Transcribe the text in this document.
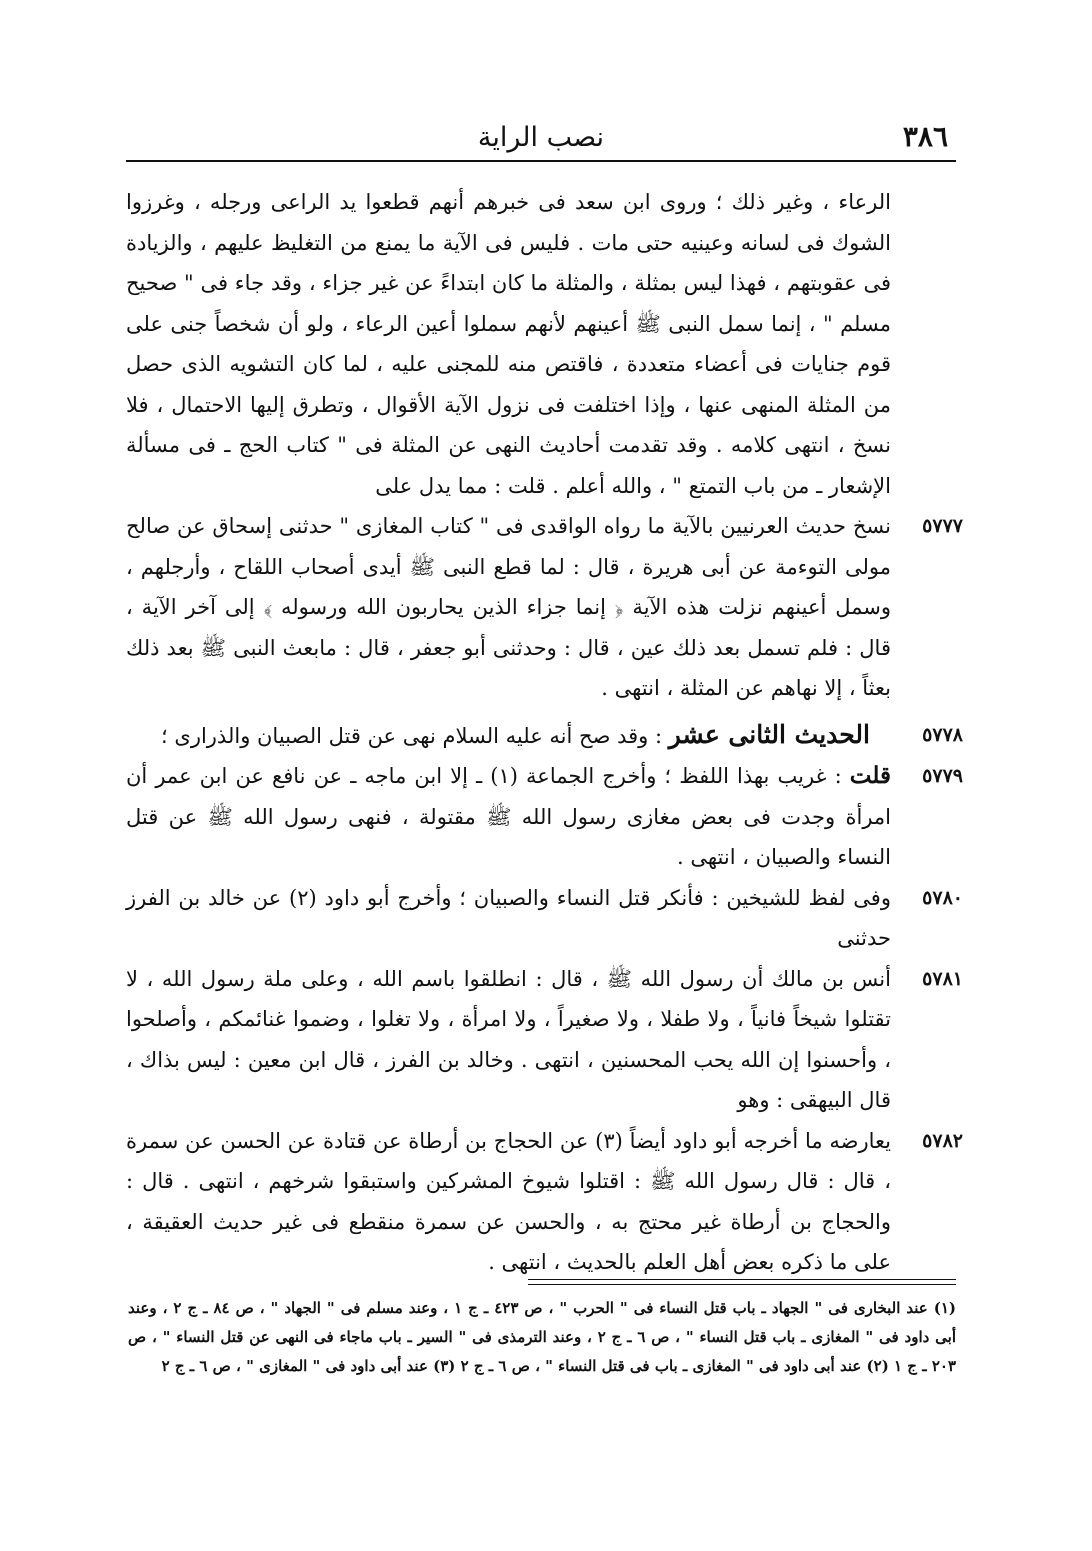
٣٨٦
نصب الراية

الرعاء ، وغير ذلك ؛ وروى ابن سعد فى خبرهم أنهم قطعوا يد الراعى ورجله ، وغرزوا الشوك فى لسانه وعينيه حتى مات . فليس فى الآية ما يمنع من التغليظ عليهم ، والزيادة فى عقوبتهم ، فهذا ليس بمثلة ، والمثلة ما كان ابتداءً عن غير جزاء ، وقد جاء فى " صحيح مسلم " ، إنما سمل النبى ﷺ أعينهم لأنهم سملوا أعين الرعاء ، ولو أن شخصاً جنى على قوم جنايات فى أعضاء متعددة ، فاقتص منه للمجنى عليه ، لما كان التشويه الذى حصل من المثلة المنهى عنها ، وإذا اختلفت فى نزول الآية الأقوال ، وتطرق إليها الاحتمال ، فلا نسخ ، انتهى كلامه . وقد تقدمت أحاديث النهى عن المثلة فى " كتاب الحج ـ فى مسألة الإشعار ـ من باب التمتع " ، والله أعلم . قلت : مما يدل على

٥٧٧٧

نسخ حديث العرنيين بالآية ما رواه الواقدى فى " كتاب المغازى " حدثنى إسحاق عن صالح مولى التوءمة عن أبى هريرة ، قال : لما قطع النبى ﷺ أيدى أصحاب اللقاح ، وأرجلهم ، وسمل أعينهم نزلت هذه الآية ﴿ إنما جزاء الذين يحاربون الله ورسوله ﴾ إلى آخر الآية ، قال : فلم تسمل بعد ذلك عين ، قال : وحدثنى أبو جعفر ، قال : مابعث النبى ﷺ بعد ذلك بعثاً ، إلا نهاهم عن المثلة ، انتهى .

٥٧٧٨

 الحديث الثانى عشر : وقد صح أنه عليه السلام نهى عن قتل الصبيان والذرارى ؛

٥٧٧٩

قلت : غريب بهذا اللفظ ؛ وأخرج الجماعة (١) ـ إلا ابن ماجه ـ عن نافع عن ابن عمر أن امرأة وجدت فى بعض مغازى رسول الله ﷺ مقتولة ، فنهى رسول الله ﷺ عن قتل النساء والصبيان ، انتهى .

٥٧٨٠

وفى لفظ للشيخين : فأنكر قتل النساء والصبيان ؛ وأخرج أبو داود (٢) عن خالد بن الفرز حدثنى

٥٧٨١

أنس بن مالك أن رسول الله ﷺ ، قال : انطلقوا باسم الله ، وعلى ملة رسول الله ، لا تقتلوا شيخاً فانياً ، ولا طفلا ، ولا صغيراً ، ولا امرأة ، ولا تغلوا ، وضموا غنائمكم ، وأصلحوا ، وأحسنوا إن الله يحب المحسنين ، انتهى . وخالد بن الفرز ، قال ابن معين : ليس بذاك ، قال البيهقى : وهو

٥٧٨٢

يعارضه ما أخرجه أبو داود أيضاً (٣) عن الحجاج بن أرطاة عن قتادة عن الحسن عن سمرة ، قال : قال رسول الله ﷺ : اقتلوا شيوخ المشركين واستبقوا شرخهم ، انتهى . قال : والحجاج بن أرطاة غير محتج به ، والحسن عن سمرة منقطع فى غير حديث العقيقة ، على ما ذكره بعض أهل العلم بالحديث ، انتهى .

(١) عند البخارى فى " الجهاد ـ باب قتل النساء فى " الحرب " ، ص ٤٢٣ ـ ج ١ ، وعند مسلم فى " الجهاد " ، ص ٨٤ ـ ج ٢ ، وعند أبى داود فى " المغازى ـ باب قتل النساء " ، ص ٦ ـ ج ٢ ، وعند الترمذى فى " السير ـ باب ماجاء فى النهى عن قتل النساء " ، ص ٢٠٣ ـ ج ١ (٢) عند أبى داود فى " المغازى ـ باب فى قتل النساء " ، ص ٦ ـ ج ٢ (٣) عند أبى داود فى " المغازى " ، ص ٦ ـ ج ٢
